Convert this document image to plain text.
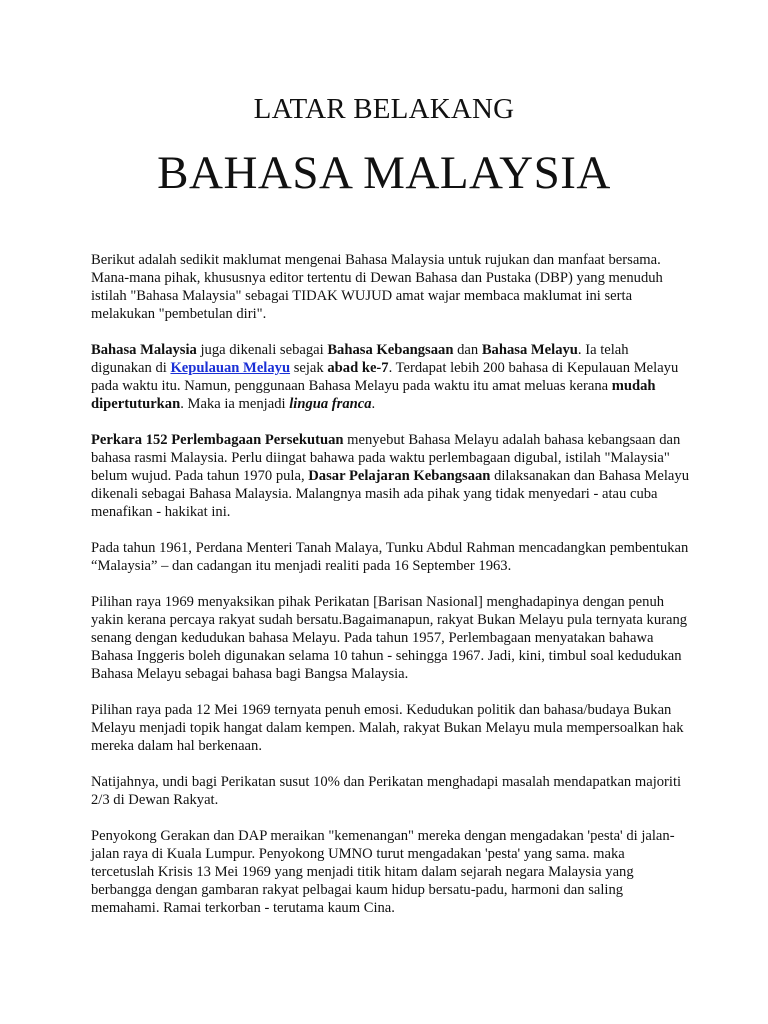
LATAR BELAKANG
BAHASA MALAYSIA

Berikut adalah sedikit maklumat mengenai Bahasa Malaysia untuk rujukan dan manfaat bersama. Mana-mana pihak, khususnya editor tertentu di Dewan Bahasa dan Pustaka (DBP) yang menuduh istilah "Bahasa Malaysia" sebagai TIDAK WUJUD amat wajar membaca maklumat ini serta melakukan "pembetulan diri".

Bahasa Malaysia juga dikenali sebagai Bahasa Kebangsaan dan Bahasa Melayu. Ia telah digunakan di Kepulauan Melayu sejak abad ke-7. Terdapat lebih 200 bahasa di Kepulauan Melayu pada waktu itu. Namun, penggunaan Bahasa Melayu pada waktu itu amat meluas kerana mudah dipertuturkan. Maka ia menjadi lingua franca.

Perkara 152 Perlembagaan Persekutuan menyebut Bahasa Melayu adalah bahasa kebangsaan dan bahasa rasmi Malaysia. Perlu diingat bahawa pada waktu perlembagaan digubal, istilah "Malaysia" belum wujud. Pada tahun 1970 pula, Dasar Pelajaran Kebangsaan dilaksanakan dan Bahasa Melayu dikenali sebagai Bahasa Malaysia. Malangnya masih ada pihak yang tidak menyedari - atau cuba menafikan - hakikat ini.

Pada tahun 1961, Perdana Menteri Tanah Malaya, Tunku Abdul Rahman mencadangkan pembentukan “Malaysia” – dan cadangan itu menjadi realiti pada 16 September 1963.

Pilihan raya 1969 menyaksikan pihak Perikatan [Barisan Nasional] menghadapinya dengan penuh yakin kerana percaya rakyat sudah bersatu.Bagaimanapun, rakyat Bukan Melayu pula ternyata kurang senang dengan kedudukan bahasa Melayu. Pada tahun 1957, Perlembagaan menyatakan bahawa Bahasa Inggeris boleh digunakan selama 10 tahun - sehingga 1967. Jadi, kini, timbul soal kedudukan Bahasa Melayu sebagai bahasa bagi Bangsa Malaysia.

Pilihan raya pada 12 Mei 1969 ternyata penuh emosi. Kedudukan politik dan bahasa/budaya Bukan Melayu menjadi topik hangat dalam kempen. Malah, rakyat Bukan Melayu mula mempersoalkan hak mereka dalam hal berkenaan.

Natijahnya, undi bagi Perikatan susut 10% dan Perikatan menghadapi masalah mendapatkan majoriti 2/3 di Dewan Rakyat.

Penyokong Gerakan dan DAP meraikan "kemenangan" mereka dengan mengadakan 'pesta' di jalan-jalan raya di Kuala Lumpur. Penyokong UMNO turut mengadakan 'pesta' yang sama. maka tercetuslah Krisis 13 Mei 1969 yang menjadi titik hitam dalam sejarah negara Malaysia yang berbangga dengan gambaran rakyat pelbagai kaum hidup bersatu-padu, harmoni dan saling memahami. Ramai terkorban - terutama kaum Cina.
